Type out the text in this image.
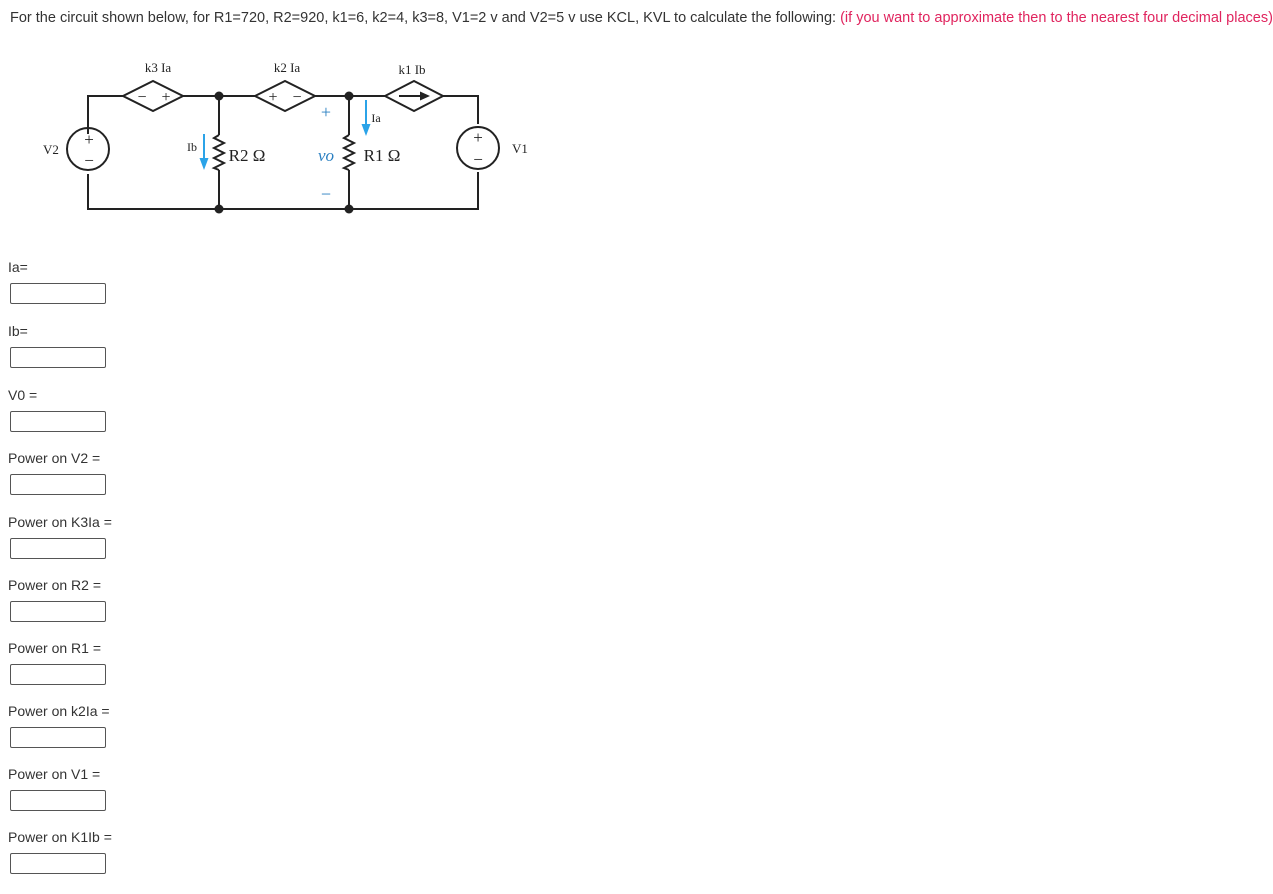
For the circuit shown below, for R1=720, R2=920, k1=6, k2=4, k3=8, V1=2 v and V2=5 v use KCL, KVL to calculate the following: (if you want to approximate then to the nearest four decimal places)
k3 Ia	k2 Ia	k1 Ib
V2	V1
Ib
Ia
R2 Ω	R1 Ω
vo
+
−
+
−
− +	+ −
+
−
Ia=
Ib=
V0 =
Power on V2 =
Power on K3Ia =
Power on R2 =
Power on R1 =
Power on k2Ia =
Power on V1 =
Power on K1Ib =
